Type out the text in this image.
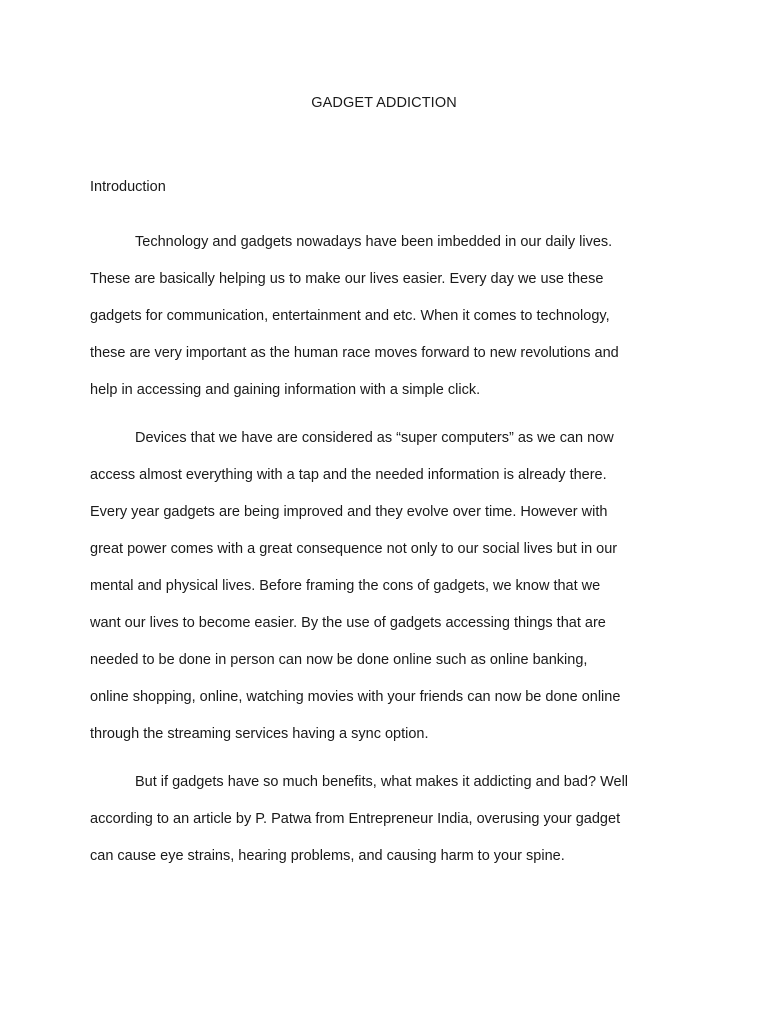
GADGET ADDICTION
Introduction

Technology and gadgets nowadays have been imbedded in our daily lives.
These are basically helping us to make our lives easier. Every day we use these
gadgets for communication, entertainment and etc. When it comes to technology,
these are very important as the human race moves forward to new revolutions and
help in accessing and gaining information with a simple click.

Devices that we have are considered as “super computers” as we can now
access almost everything with a tap and the needed information is already there.
Every year gadgets are being improved and they evolve over time. However with
great power comes with a great consequence not only to our social lives but in our
mental and physical lives. Before framing the cons of gadgets, we know that we
want our lives to become easier. By the use of gadgets accessing things that are
needed to be done in person can now be done online such as online banking,
online shopping, online, watching movies with your friends can now be done online
through the streaming services having a sync option.

But if gadgets have so much benefits, what makes it addicting and bad? Well
according to an article by P. Patwa from Entrepreneur India, overusing your gadget
can cause eye strains, hearing problems, and causing harm to your spine.
